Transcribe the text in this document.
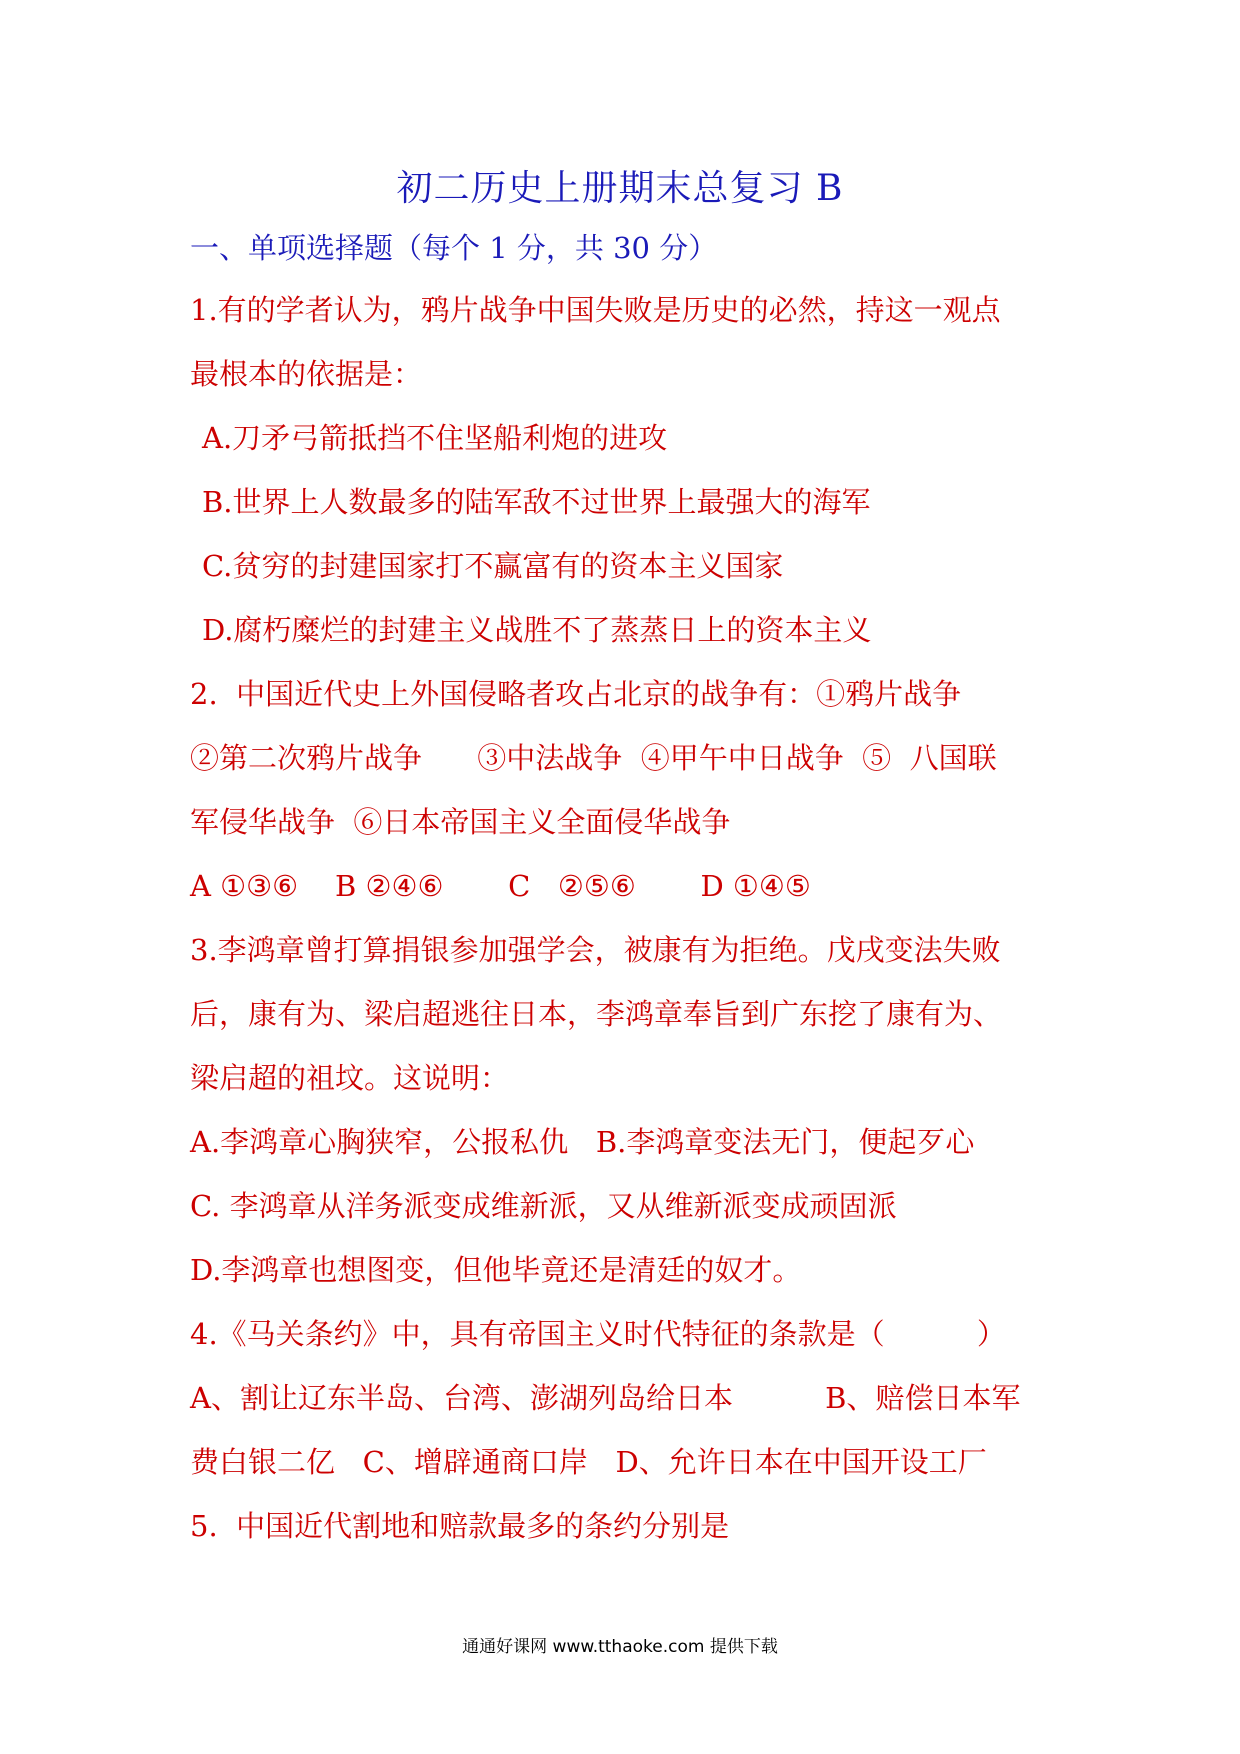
初二历史上册期末总复习 B
一、单项选择题（每个 1 分，共 30 分）
1.有的学者认为，鸦片战争中国失败是历史的必然，持这一观点
最根本的依据是：
A.刀矛弓箭抵挡不住坚船利炮的进攻
B.世界上人数最多的陆军敌不过世界上最强大的海军
C.贫穷的封建国家打不赢富有的资本主义国家
D.腐朽糜烂的封建主义战胜不了蒸蒸日上的资本主义
2.  中国近代史上外国侵略者攻占北京的战争有：①鸦片战争
②第二次鸦片战争      ③中法战争  ④甲午中日战争  ⑤  八国联
军侵华战争  ⑥日本帝国主义全面侵华战争
A ①③⑥    B ②④⑥       C   ②⑤⑥       D ①④⑤
3.李鸿章曾打算捐银参加强学会，被康有为拒绝。戊戌变法失败
后，康有为、梁启超逃往日本，李鸿章奉旨到广东挖了康有为、
梁启超的祖坟。这说明：
A.李鸿章心胸狭窄，公报私仇   B.李鸿章变法无门，便起歹心
C. 李鸿章从洋务派变成维新派，又从维新派变成顽固派
D.李鸿章也想图变，但他毕竟还是清廷的奴才。
4.《马关条约》中，具有帝国主义时代特征的条款是（          ）
A、割让辽东半岛、台湾、澎湖列岛给日本          B、赔偿日本军
费白银二亿   C、增辟通商口岸   D、允许日本在中国开设工厂
5.  中国近代割地和赔款最多的条约分别是
通通好课网 www.tthaoke.com 提供下载
